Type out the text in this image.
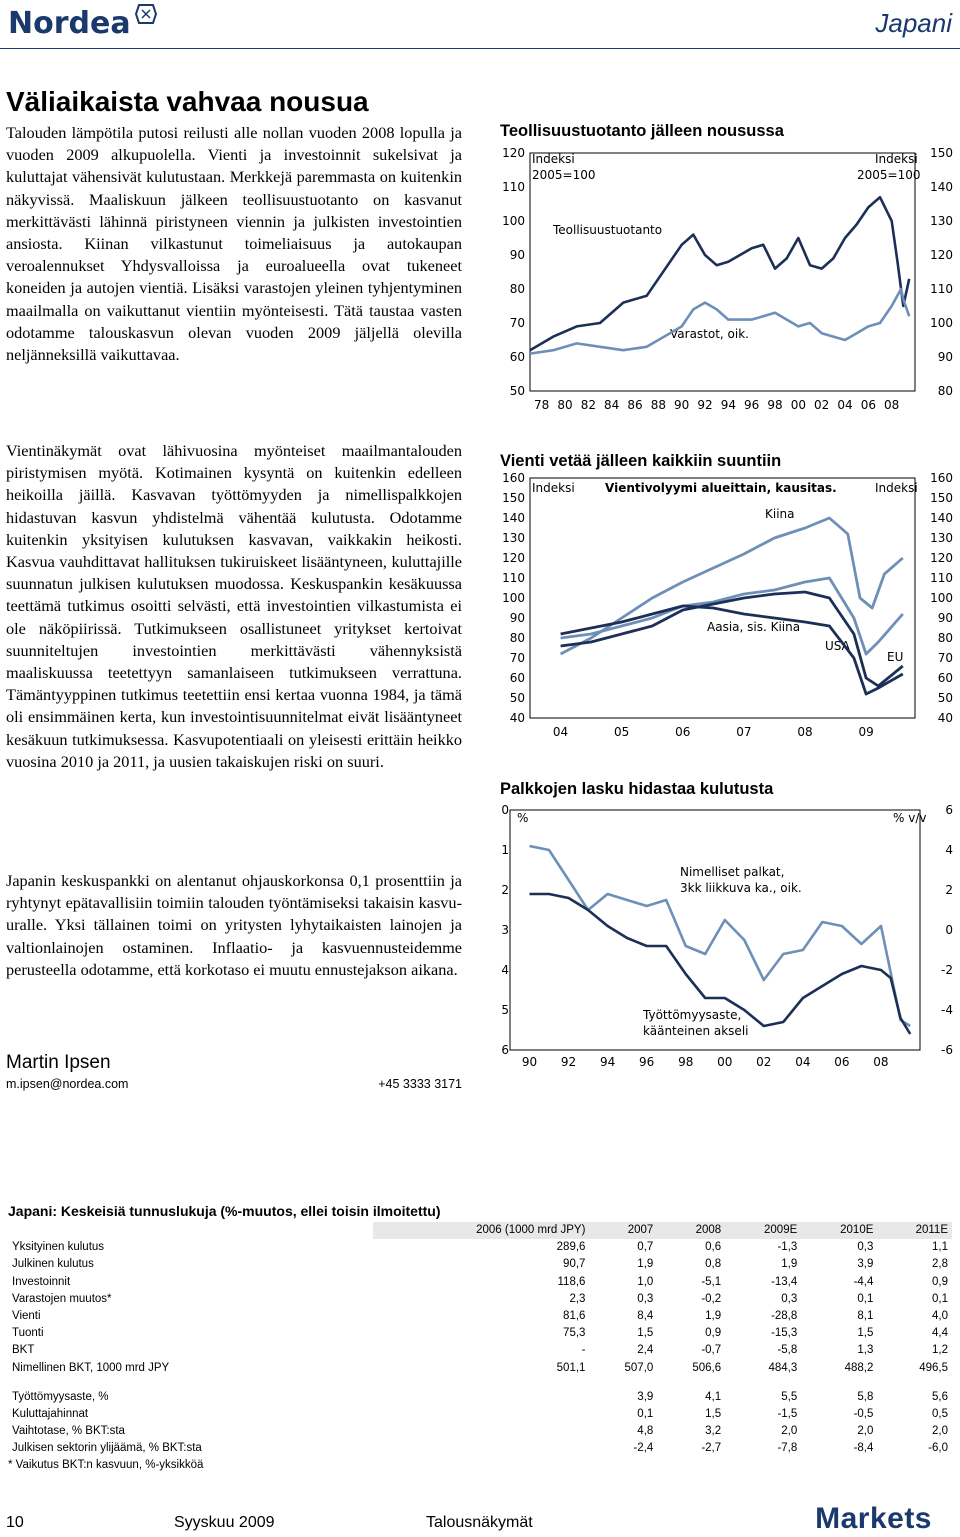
Nordea	Japani
Väliaikaista vahvaa nousua

Talouden lämpötila putosi reilusti alle nollan vuoden 2008 lopulla ja vuoden 2009 alkupuolella. Vienti ja investoinnit sukelsivat ja kuluttajat vähensivät kulutustaan. Merkkejä paremmasta on kuitenkin näkyvissä. Maaliskuun jälkeen teollisuustuotanto on kasvanut merkittävästi lähinnä piristyneen viennin ja julkisten investointien ansiosta. Kiinan vilkastunut toimeliaisuus ja autokaupan veroalennukset Yhdysvalloissa ja euroalueella ovat tukeneet koneiden ja autojen vientiä. Lisäksi varastojen yleinen tyhjentyminen maailmalla on vaikuttanut vientiin myönteisesti. Tätä taustaa vasten odotamme talouskasvun olevan vuoden 2009 jäljellä olevilla neljänneksillä vaikuttavaa.

Vientinäkymät ovat lähivuosina myönteiset maailmantalouden piristymisen myötä. Kotimainen kysyntä on kuitenkin edelleen heikoilla jäillä. Kasvavan työttömyyden ja nimellispalkkojen hidastuvan kasvun yhdistelmä vähentää kulutusta. Odotamme kuitenkin yksityisen kulutuksen kasvavan, vaikkakin heikosti. Kasvua vauhdittavat hallituksen tukiruiskeet lisääntyneen, kuluttajille suunnatun julkisen kulutuksen muodossa. Keskuspankin kesäkuussa teettämä tutkimus osoitti selvästi, että investointien vilkastumista ei ole näköpiirissä. Tutkimukseen osallistuneet yritykset kertoivat suunniteltujen investointien merkittävästi vähennyksistä maaliskuussa teetettyyn samanlaiseen tutkimukseen verrattuna. Tämäntyyppinen tutkimus teetettiin ensi kertaa vuonna 1984, ja tämä oli ensimmäinen kerta, kun investointisuunnitelmat eivät lisääntyneet kesäkuun tutkimuksessa. Kasvupotentiaali on yleisesti erittäin heikko vuosina 2010 ja 2011, ja uusien takaiskujen riski on suuri.

Japanin keskuspankki on alentanut ohjauskorkonsa 0,1 prosenttiin ja ryhtynyt epätavallisiin toimiin talouden työntämiseksi takaisin kasvu-uralle. Yksi tällainen toimi on yritysten lyhytaikaisten lainojen ja valtionlainojen ostaminen. Inflaatio- ja kasvuennusteidemme perusteella odotamme, että korkotaso ei muutu ennustejakson aikana.

Martin Ipsen
m.ipsen@nordea.com	+45 3333 3171
Teollisuustuotanto jälleen nousussa
Vienti vetää jälleen kaikkiin suuntiin
Palkkojen lasku hidastaa kulutusta
Indeksi
2005=100
Indeksi
2005=100
Teollisuustuotanto
Varastot, oik.
120
110
100
90
80
70
60
50
150
140
130
120
110
100
90
80
78 80 82 84 86 88 90 92 94 96 98 00 02 04 06 08
Indeksi	Indeksi
Vientivolyymi alueittain, kausitas.
Kiina
Aasia, sis. Kiina
USA
EU
160
150
140
130
120
110
100
90
80
70
60
50
40
160
150
140
130
120
110
100
90
80
70
60
50
40
04	05	06	07	08	09
%	% v/v
Nimelliset palkat,
3kk liikkuva ka., oik.
Työttömyysaste,
käänteinen akseli
0
1
2
3
4
5
6
6
4
2
0
-2
-4
-6
90 92 94 96 98 00 02 04 06 08
Japani: Keskeisiä tunnuslukuja (%-muutos, ellei toisin ilmoitettu)
	2006 (1000 mrd JPY)	2007	2008	2009E	2010E	2011E
Yksityinen kulutus	289,6	0,7	0,6	-1,3	0,3	1,1
Julkinen kulutus	90,7	1,9	0,8	1,9	3,9	2,8
Investoinnit	118,6	1,0	-5,1	-13,4	-4,4	0,9
Varastojen muutos*	2,3	0,3	-0,2	0,3	0,1	0,1
Vienti	81,6	8,4	1,9	-28,8	8,1	4,0
Tuonti	75,3	1,5	0,9	-15,3	1,5	4,4
BKT	-	2,4	-0,7	-5,8	1,3	1,2
Nimellinen BKT, 1000 mrd JPY	501,1	507,0	506,6	484,3	488,2	496,5

Työttömyysaste, %		3,9	4,1	5,5	5,8	5,6
Kuluttajahinnat		0,1	1,5	-1,5	-0,5	0,5
Vaihtotase, % BKT:sta		4,8	3,2	2,0	2,0	2,0
Julkisen sektorin ylijäämä, % BKT:sta		-2,4	-2,7	-7,8	-8,4	-6,0
* Vaikutus BKT:n kasvuun, %-yksikköä
10	Syyskuu 2009	Talousnäkymät	Markets
